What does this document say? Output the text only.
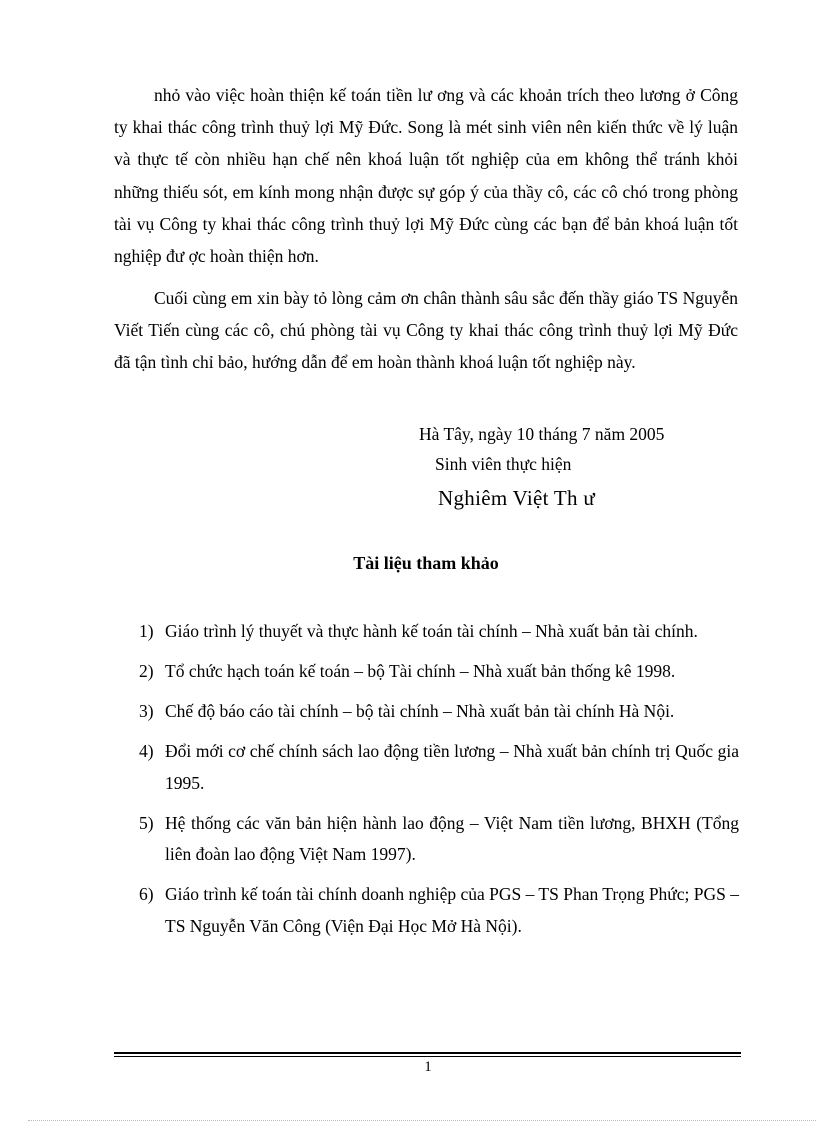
nhỏ vào việc hoàn thiện kế toán tiền lư ơng và các khoản trích theo lương ở Công ty khai thác công trình thuỷ lợi Mỹ Đức. Song là mét sinh viên nên kiến thức về lý luận và thực tế còn nhiều hạn chế nên khoá luận tốt nghiệp của em không thể tránh khỏi những thiếu sót, em kính mong nhận được sự góp ý của thầy cô, các cô chó trong phòng tài vụ Công ty khai thác công trình thuỷ lợi Mỹ Đức cùng các bạn để bản khoá luận tốt nghiệp đư ợc hoàn thiện hơn.

Cuối cùng em xin bày tỏ lòng cảm ơn chân thành sâu sắc đến thầy giáo TS Nguyễn Viết Tiến cùng các cô, chú phòng tài vụ Công ty khai thác công trình thuỷ lợi Mỹ Đức đã tận tình chỉ bảo, hướng dẫn để em hoàn thành khoá luận tốt nghiệp này.

Hà Tây, ngày 10 tháng 7 năm 2005
Sinh viên thực hiện
Nghiêm Việt Th ư
Tài liệu tham khảo
1) Giáo trình lý thuyết và thực hành kế toán tài chính – Nhà xuất bản tài chính.
2) Tổ chức hạch toán kế toán – bộ Tài chính – Nhà xuất bản thống kê 1998.
3) Chế độ báo cáo tài chính – bộ tài chính – Nhà xuất bản tài chính Hà Nội.
4) Đổi mới cơ chế chính sách lao động tiền lương – Nhà xuất bản chính trị Quốc gia 1995.
5) Hệ thống các văn bản hiện hành lao động – Việt Nam tiền lương, BHXH (Tổng liên đoàn lao động Việt Nam 1997).
6) Giáo trình kế toán tài chính doanh nghiệp của PGS – TS Phan Trọng Phức; PGS – TS Nguyễn Văn Công (Viện Đại Học Mở Hà Nội).
1
